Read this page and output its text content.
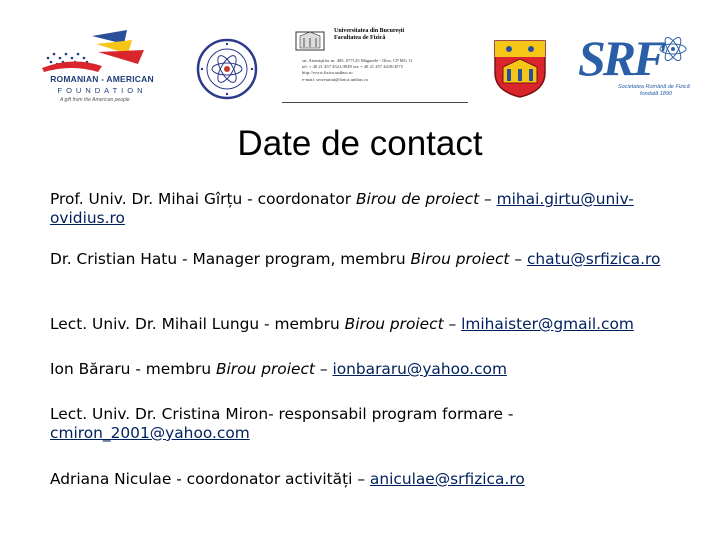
ROMANIAN - AMERICAN
FOUNDATION
A gift from the American people
Universitatea din București Facultatea de Fizică
str. Atomiştilor nr. 405, 077125 Măgurele - Ilfov, CP MG 11
tel. + 40 21 457 4521/4949 fax + 40 21 457 4418/4575
http://www.fizica.unibuc.ro
e-mail: secretariat@fizica.unibuc.ro	SRF
Societatea Română de Fizică
fondată 1890
Date de contact
Prof. Univ. Dr. Mihai Gîrțu - coordonator Birou de proiect – mihai.girtu@univ-ovidius.ro
Dr. Cristian Hatu - Manager program, membru Birou proiect – chatu@srfizica.ro
Lect. Univ. Dr. Mihail Lungu - membru Birou proiect – lmihaister@gmail.com
Ion Băraru - membru Birou proiect – ionbararu@yahoo.com
Lect. Univ. Dr. Cristina Miron- responsabil program formare - cmiron_2001@yahoo.com
Adriana Niculae - coordonator activități – aniculae@srfizica.ro
